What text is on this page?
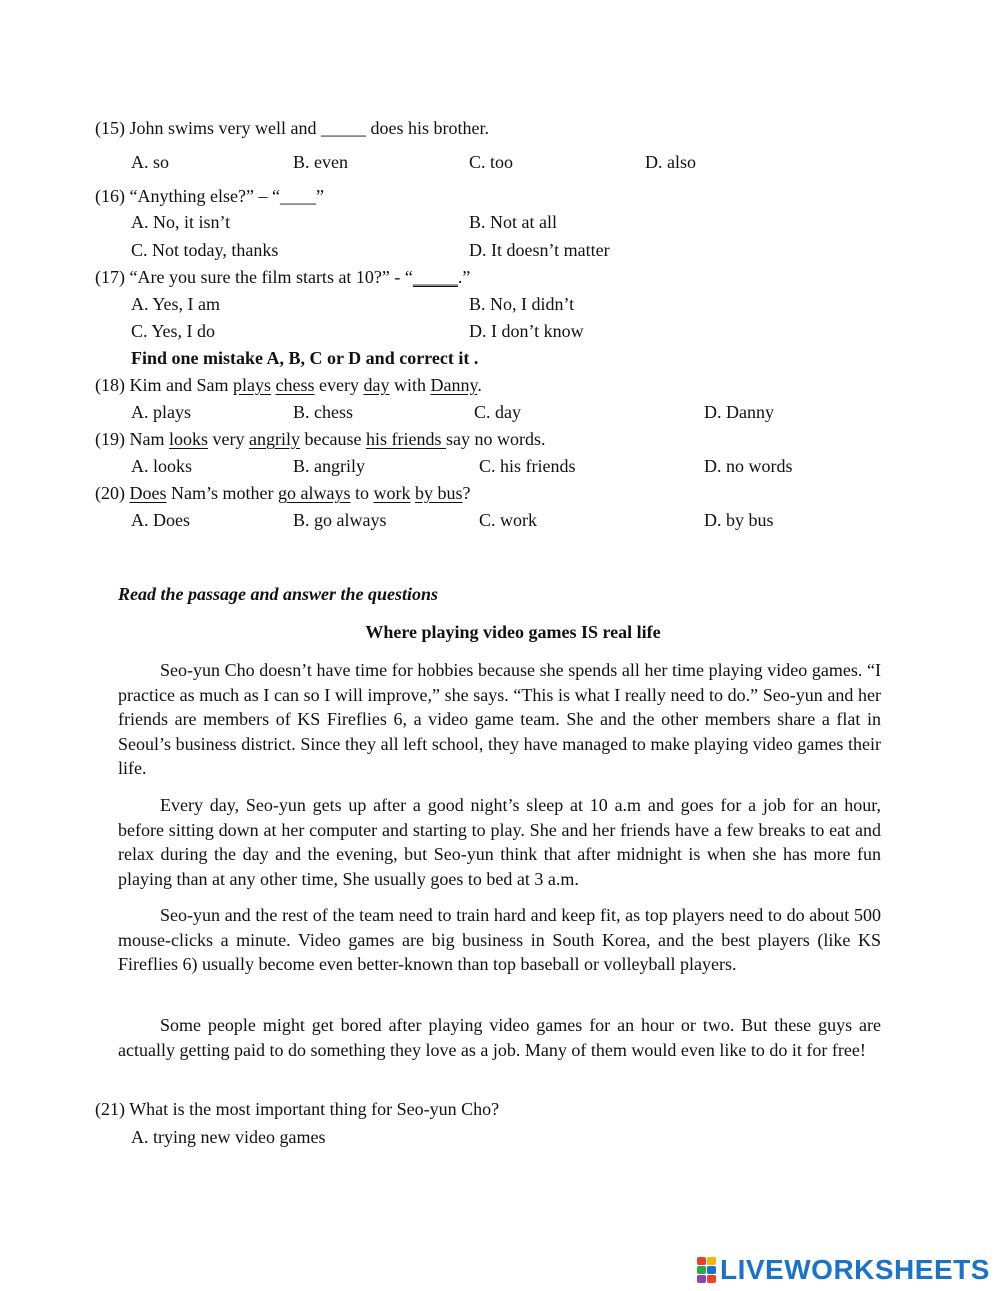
(15) John swims very well and _____ does his brother.
A. so	B. even	C. too	D. also
(16) “Anything else?” – “____”
A. No, it isn’t	B. Not at all
C. Not today, thanks	D. It doesn’t matter
(17) “Are you sure the film starts at 10?” - “_____.”
A. Yes, I am	B. No, I didn’t
C. Yes, I do	D. I don’t know
Find one mistake A, B, C or D and correct it .
(18) Kim and Sam plays chess every day with Danny.
A. plays	B. chess	C. day	D. Danny
(19) Nam looks very angrily because his friends say no words.
A. looks	B. angrily	C. his friends	D. no words
(20) Does Nam’s mother go always to work by bus?
A. Does	B. go always	C. work	D. by bus
Read the passage and answer the questions
Where playing video games IS real life
Seo-yun Cho doesn’t have time for hobbies because she spends all her time playing video games. “I practice as much as I can so I will improve,” she says. “This is what I really need to do.” Seo-yun and her friends are members of KS Fireflies 6, a video game team. She and the other members share a flat in Seoul’s business district. Since they all left school, they have managed to make playing video games their life.
Every day, Seo-yun gets up after a good night’s sleep at 10 a.m and goes for a job for an hour, before sitting down at her computer and starting to play. She and her friends have a few breaks to eat and relax during the day and the evening, but Seo-yun think that after midnight is when she has more fun playing than at any other time, She usually goes to bed at 3 a.m.
Seo-yun and the rest of the team need to train hard and keep fit, as top players need to do about 500 mouse-clicks a minute. Video games are big business in South Korea, and the best players (like KS Fireflies 6) usually become even better-known than top baseball or volleyball players.
Some people might get bored after playing video games for an hour or two. But these guys are actually getting paid to do something they love as a job. Many of them would even like to do it for free!
(21) What is the most important thing for Seo-yun Cho?
A. trying new video games
LIVEWORKSHEETS
